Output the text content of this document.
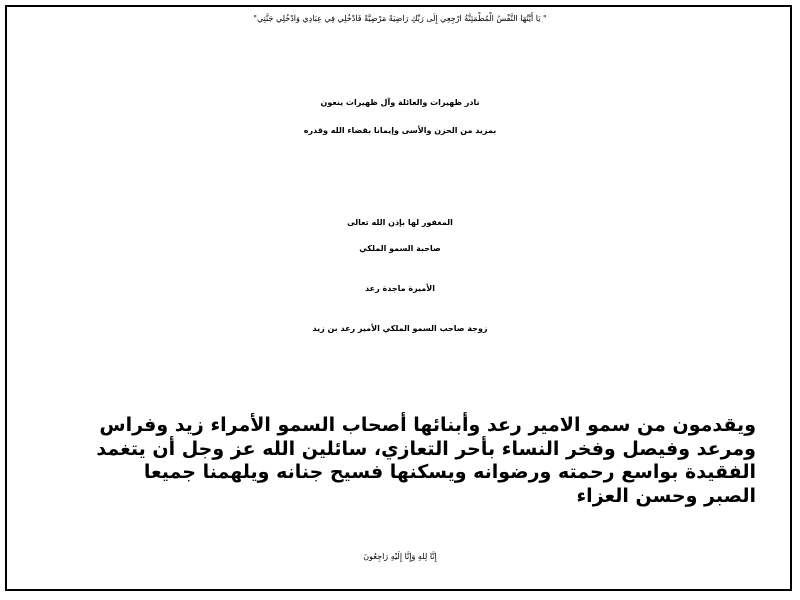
" يَا أَيَّتُهَا النَّفْسُ الْمُطْمَئِنَّةُ ارْجِعِي إِلَى رَبِّكِ رَاضِيَةً مَرْضِيَّةً فَادْخُلِي فِي عِبَادِي وَادْخُلِي جَنَّتِي"
نادر ظهيرات والعائلة وآل ظهيرات ينعون
بمزيد من الحزن والأسى وإيمانا بقضاء الله وقدره
المغفور لها بإذن الله تعالى
صاحبة السمو الملكي
الأميرة ماجدة رعد
زوجة صاحب السمو الملكي الأمير رعد بن زيد
ويقدمون من سمو الامير رعد وأبنائها أصحاب السمو الأمراء زيد وفراس
ومرعد وفيصل وفخر النساء بأحر التعازي، سائلين الله عز وجل أن يتغمد
الفقيدة بواسع رحمته ورضوانه ويسكنها فسيح جنانه ويلهمنا جميعا
الصبر وحسن العزاء
إِنَّا لِلهِ وَإِنَّا إِلَيْهِ رَاجِعُونَ
